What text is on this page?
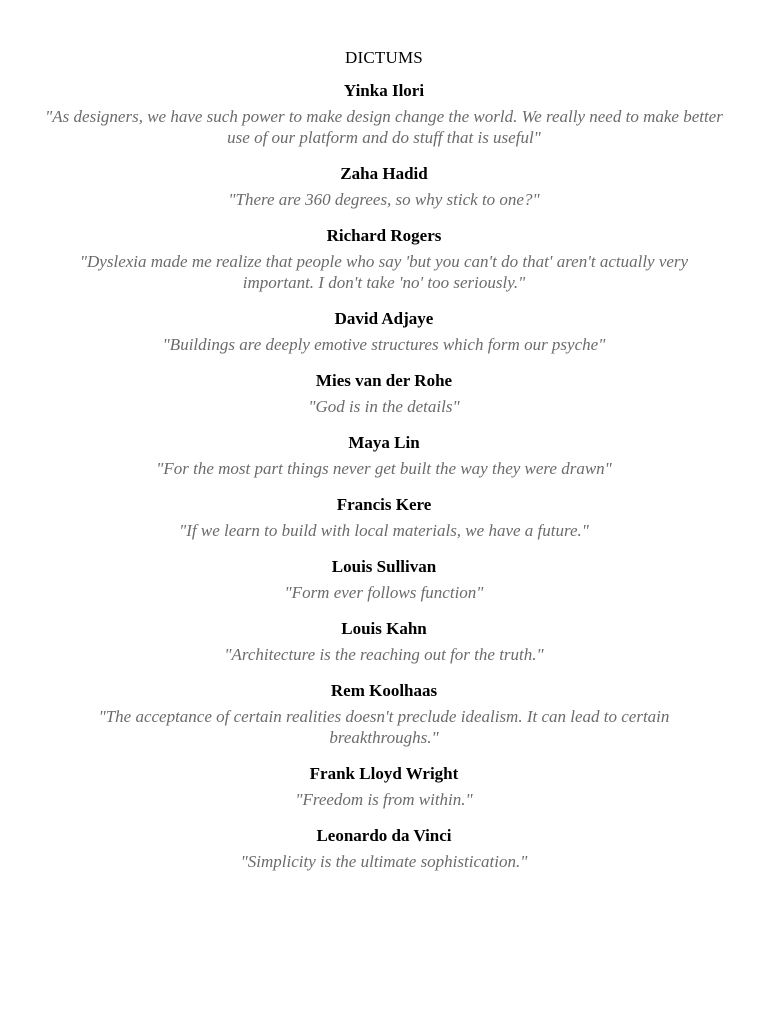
DICTUMS
Yinka Ilori
"As designers, we have such power to make design change the world. We really need to make better use of our platform and do stuff that is useful"
Zaha Hadid
"There are 360 degrees, so why stick to one?"
Richard Rogers
"Dyslexia made me realize that people who say 'but you can't do that' aren't actually very important. I don't take 'no' too seriously."
David Adjaye
"Buildings are deeply emotive structures which form our psyche"
Mies van der Rohe
"God is in the details"
Maya Lin
"For the most part things never get built the way they were drawn"
Francis Kere
"If we learn to build with local materials, we have a future."
Louis Sullivan
"Form ever follows function"
Louis Kahn
"Architecture is the reaching out for the truth."
Rem Koolhaas
"The acceptance of certain realities doesn't preclude idealism. It can lead to certain breakthroughs."
Frank Lloyd Wright
"Freedom is from within."
Leonardo da Vinci
"Simplicity is the ultimate sophistication."
